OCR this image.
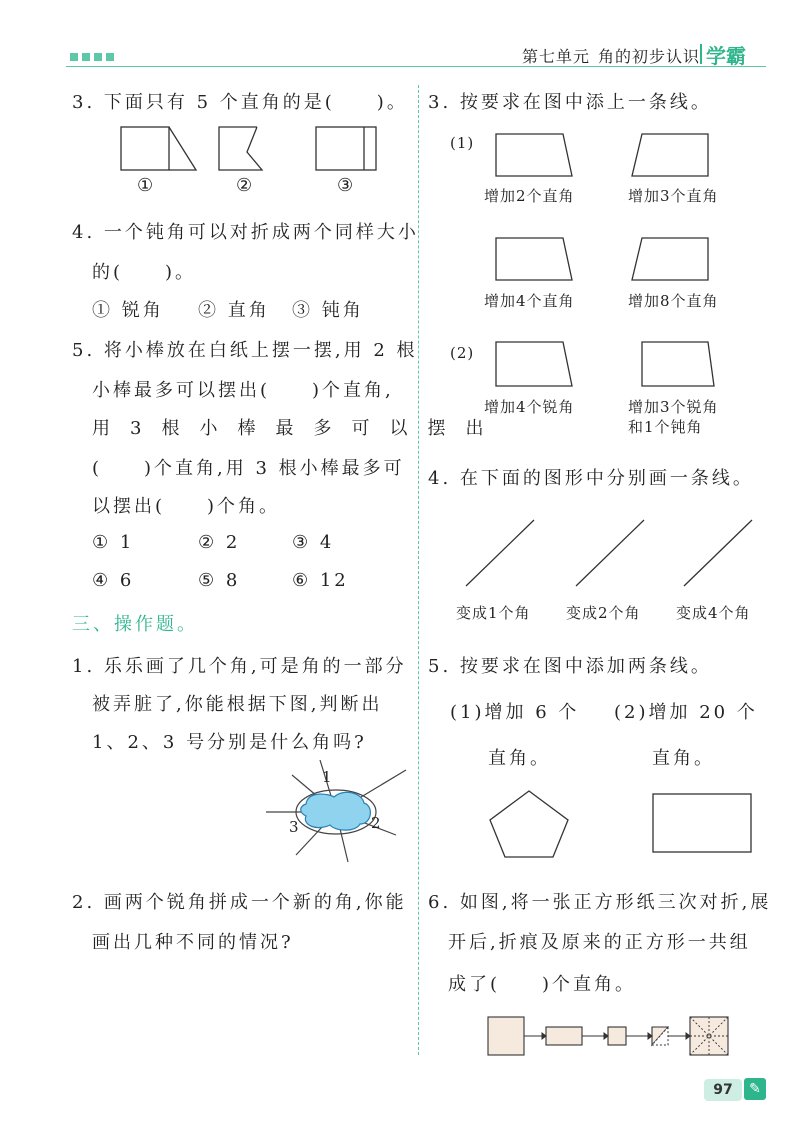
第七单元 角的初步认识 学霸
3. 下面只有 5 个直角的是(　　)。
①	②	③
4. 一个钝角可以对折成两个同样大小
的(　　)。
① 锐角 ② 直角 ③ 钝角
5. 将小棒放在白纸上摆一摆,用 2 根
小棒最多可以摆出(　　)个直角,
用　3　根　小　棒　最　多　可　以　摆　出
(　　)个直角,用 3 根小棒最多可
以摆出(　　)个角。
① 1	② 2	③ 4
④ 6	⑤ 8	⑥ 12
三、操作题。
1. 乐乐画了几个角,可是角的一部分
被弄脏了,你能根据下图,判断出
1、2、3 号分别是什么角吗?
1
2
3
2. 画两个锐角拼成一个新的角,你能
画出几种不同的情况?
3. 按要求在图中添上一条线。
(1)
(2)
增加2个直角	增加3个直角
增加4个直角	增加8个直角
增加4个锐角	增加3个锐角
和1个钝角
4. 在下面的图形中分别画一条线。
变成1个角 变成2个角 变成4个角
5. 按要求在图中添加两条线。
(1)增加 6 个
直角。
(2)增加 20 个
直角。
6. 如图,将一张正方形纸三次对折,展
开后,折痕及原来的正方形一共组
成了(　　)个直角。
97	✎
